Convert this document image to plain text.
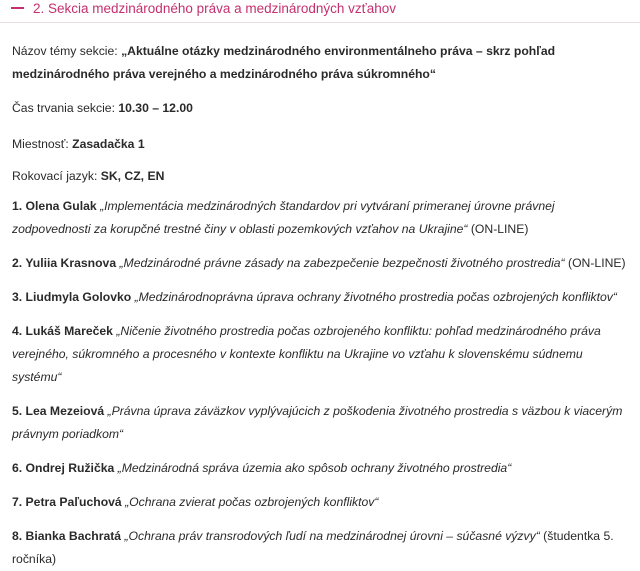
2. Sekcia medzinárodného práva a medzinárodných vzťahov

Názov témy sekcie: „Aktuálne otázky medzinárodného environmentálneho práva – skrz pohľad medzinárodného práva verejného a medzinárodného práva súkromného“

Čas trvania sekcie: 10.30 – 12.00

Miestnosť: Zasadačka 1

Rokovací jazyk: SK, CZ, EN

1. Olena Gulak „Implementácia medzinárodných štandardov pri vytváraní primeranej úrovne právnej zodpovednosti za korupčné trestné činy v oblasti pozemkových vzťahov na Ukrajine“ (ON-LINE)

2. Yuliia Krasnova „Medzinárodné právne zásady na zabezpečenie bezpečnosti životného prostredia“ (ON-LINE)

3. Liudmyla Golovko „Medzinárodnoprávna úprava ochrany životného prostredia počas ozbrojených konfliktov“

4. Lukáš Mareček „Ničenie životného prostredia počas ozbrojeného konfliktu: pohľad medzinárodného práva verejného, súkromného a procesného v kontexte konfliktu na Ukrajine vo vzťahu k slovenskému súdnemu systému“

5. Lea Mezeiová „Právna úprava záväzkov vyplývajúcich z poškodenia životného prostredia s väzbou k viacerým právnym poriadkom“

6. Ondrej Ružička „Medzinárodná správa územia ako spôsob ochrany životného prostredia“

7. Petra Paľuchová „Ochrana zvierat počas ozbrojených konfliktov“

8. Bianka Bachratá „Ochrana práv transrodových ľudí na medzinárodnej úrovni – súčasné výzvy“ (študentka 5. ročníka)
